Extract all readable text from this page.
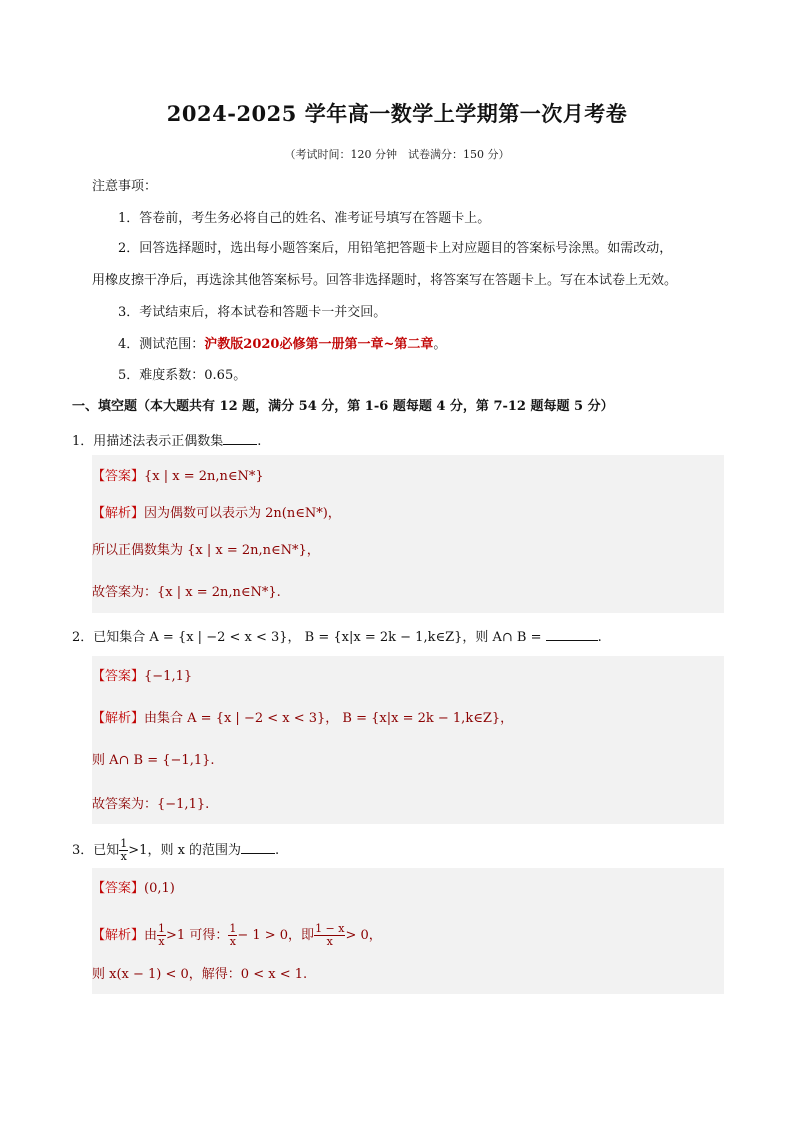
2024-2025 学年高一数学上学期第一次月考卷
（考试时间：120 分钟　试卷满分：150 分）
注意事项：
1．答卷前，考生务必将自己的姓名、准考证号填写在答题卡上。
2．回答选择题时，选出每小题答案后，用铅笔把答题卡上对应题目的答案标号涂黑。如需改动，
用橡皮擦干净后，再选涂其他答案标号。回答非选择题时，将答案写在答题卡上。写在本试卷上无效。
3．考试结束后，将本试卷和答题卡一并交回。
4．测试范围：沪教版2020必修第一册第一章~第二章。
5．难度系数：0.65。
一、填空题（本大题共有 12 题，满分 54 分，第 1-6 题每题 4 分，第 7-12 题每题 5 分）
1．用描述法表示正偶数集	.
【答案】{x | x = 2n,n∈N*}
【解析】因为偶数可以表示为 2n(n∈N*)，
所以正偶数集为 {x | x = 2n,n∈N*}，
故答案为：{x | x = 2n,n∈N*}.
2．已知集合 A = {x | −2 < x < 3}， B = {x|x = 2k − 1,k∈Z}，则 A∩ B =	.
【答案】{−1,1}
【解析】由集合 A = {x | −2 < x < 3}， B = {x|x = 2k − 1,k∈Z}，
则 A∩ B = {−1,1}.
故答案为：{−1,1}.
3．已知 $\frac{1}{x} >1$，则 x 的范围为	.
【答案】(0,1)
【解析】由 $\frac{1}{x} >1$ 可得： $\frac{1}{x} - 1 > 0$，即 $\frac{1 - x}{x} > 0$，
则 x(x − 1) < 0，解得：0 < x < 1.
